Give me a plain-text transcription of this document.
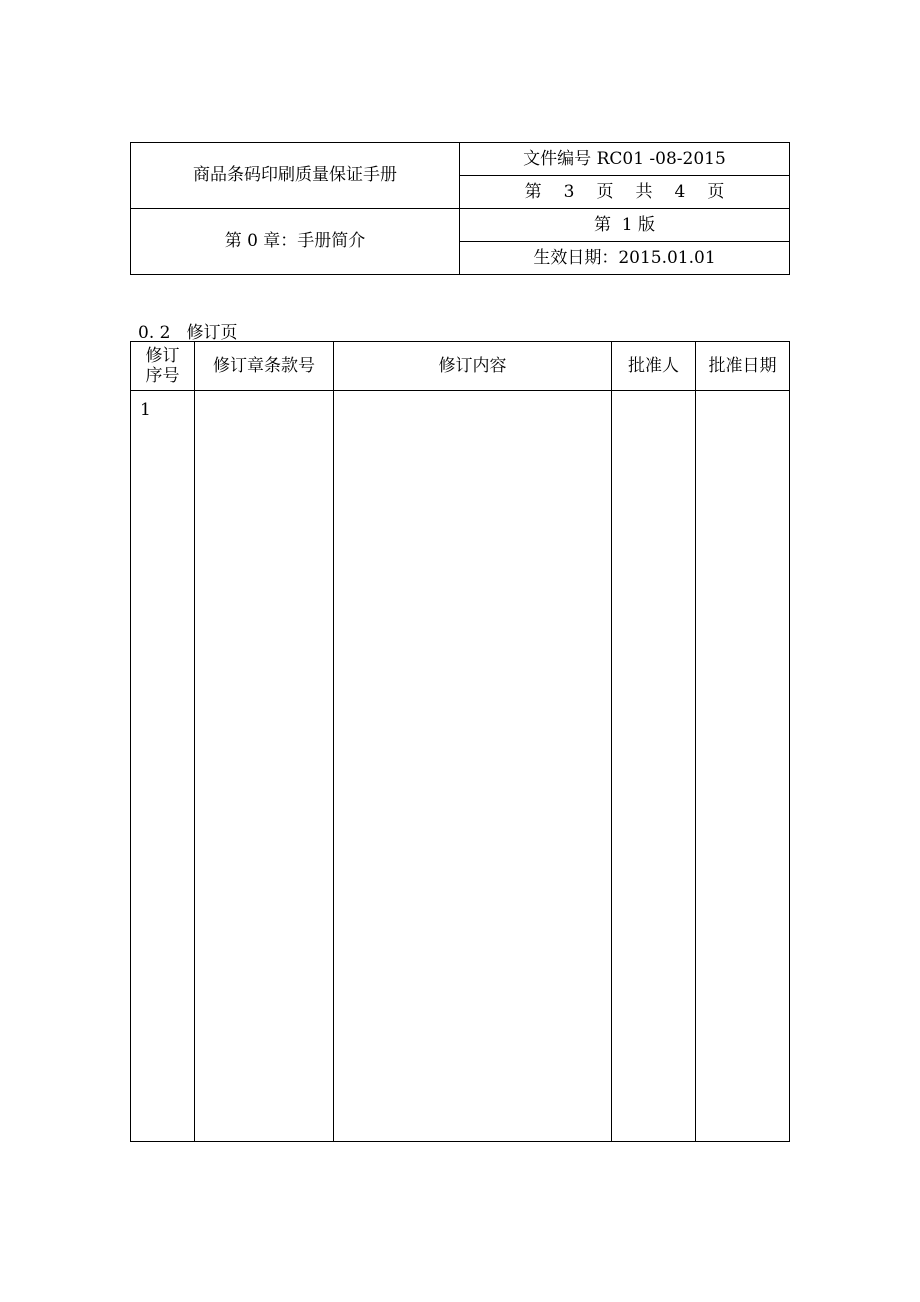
商品条码印刷质量保证手册	文件编号 RC01 -08-2015
	第 3 页 共 4 页
第 0 章：手册简介	第 1 版
	生效日期：2015.01.01
0. 2 修订页
修订
序号	修订章条款号	修订内容	批准人	批准日期
1				
